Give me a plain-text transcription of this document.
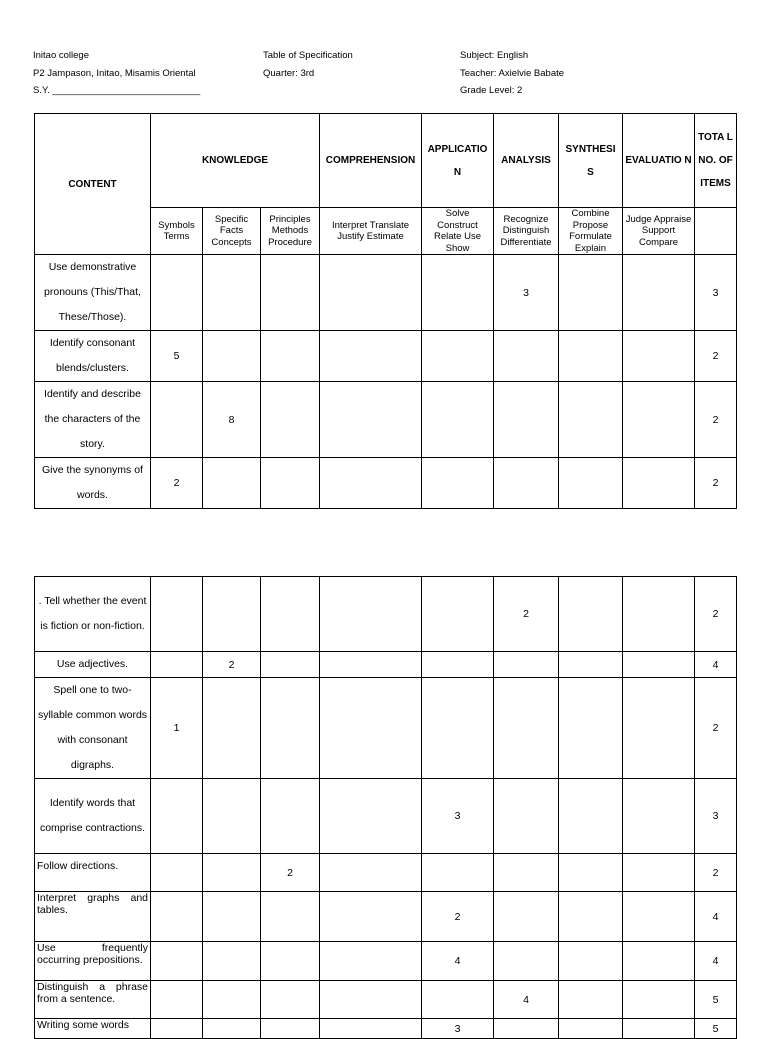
Initao college
P2 Jampason, Initao, Misamis Oriental
S.Y. ____________________________
Table of Specification
Quarter: 3rd
Subject: English
Teacher: Axielvie Babate
Grade Level: 2
CONTENT	KNOWLEDGE			COMPREHENSION	APPLICATIO N	ANALYSIS	SYNTHESI S	EVALUATIO N	TOTA L NO. OF ITEMS
	Symbols Terms	Specific Facts Concepts	Principles Methods Procedure	Interpret Translate Justify Estimate	Solve Construct Relate Use Show	Recognize Distinguish Differentiate	Combine Propose Formulate Explain	Judge Appraise Support Compare	
Use demonstrative pronouns (This/That, These/Those).						3			3
Identify consonant blends/clusters.	5								2
Identify and describe the characters of the story.		8							2
Give the synonyms of words.	2								2
. Tell whether the event is fiction or non-fiction.						2			2
Use adjectives.		2							4
Spell one to two-syllable common words with consonant digraphs.	1								2
Identify words that comprise contractions.					3				3
Follow directions.			2						2
Interpret graphs and tables.					2				4
Use frequently occurring prepositions.					4				4
Distinguish a phrase from a sentence.						4			5
Writing some words					3				5
